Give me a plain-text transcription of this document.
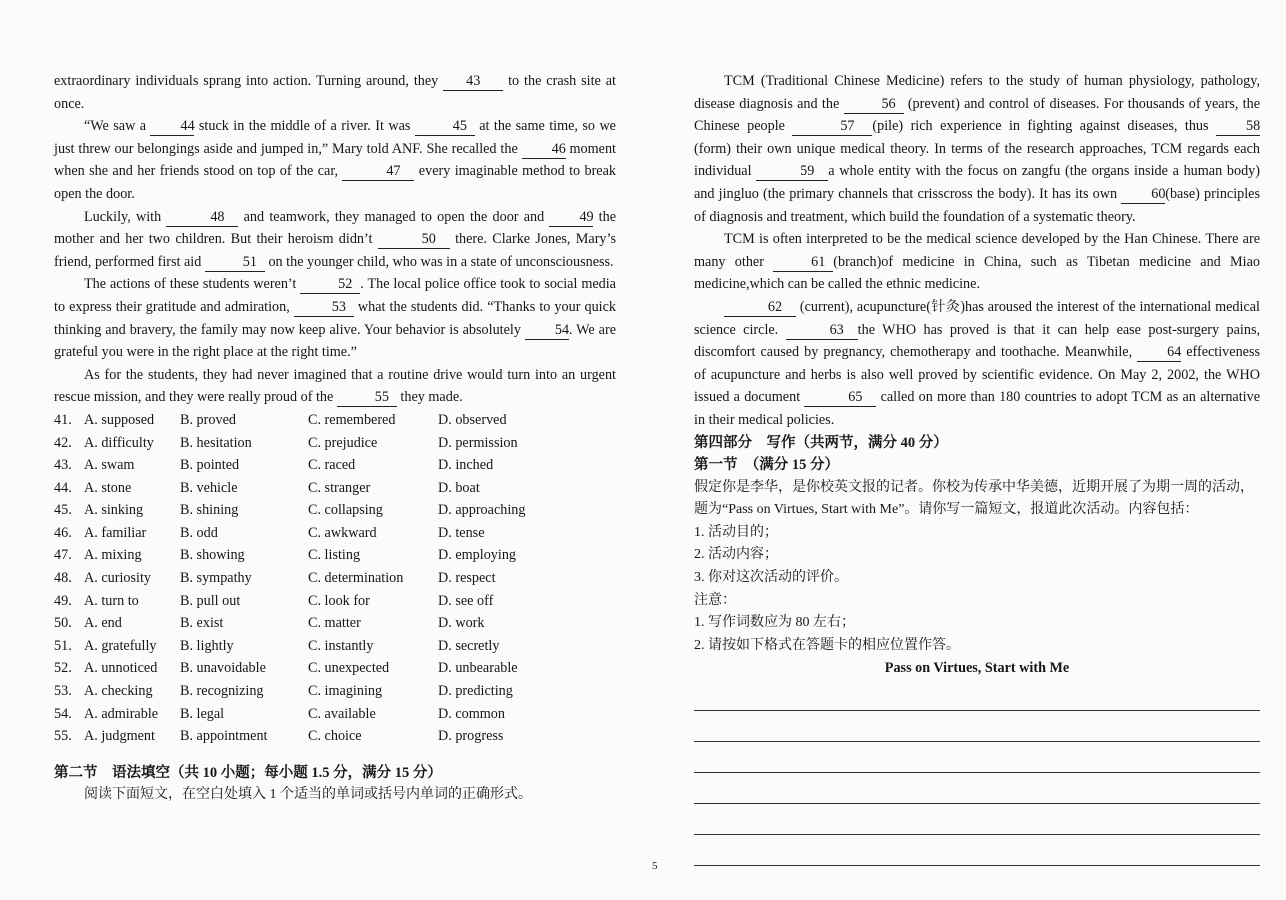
extraordinary individuals sprang into action. Turning around, they 43 to the crash site at once.

“We saw a 44 stuck in the middle of a river. It was	45 at the same time, so we just threw our belongings aside and jumped in,” Mary told ANF. She recalled the 46 moment when she and her friends stood on top of the car,	47 every imaginable method to break open the door.

Luckily, with	48 and teamwork, they managed to open the door and 49 the mother and her two children. But their heroism didn’t	50 there. Clarke Jones, Mary’s friend, performed first aid	51 on the younger child, who was in a state of unconsciousness.

The actions of these students weren’t	52 . The local police office took to social media to express their gratitude and admiration,	53 what the students did. “Thanks to your quick thinking and bravery, the family may now keep alive. Your behavior is absolutely 54. We are grateful you were in the right place at the right time.”

As for the students, they had never imagined that a routine drive would turn into an urgent rescue mission, and they were really proud of the	55 they made.

41. A. supposed	B. proved	C. remembered	D. observed
42. A. difficulty	B. hesitation	C. prejudice	D. permission
43. A. swam	B. pointed	C. raced	D. inched
44. A. stone	B. vehicle	C. stranger	D. boat
45. A. sinking	B. shining	C. collapsing	D. approaching
46. A. familiar	B. odd	C. awkward	D. tense
47. A. mixing	B. showing	C. listing	D. employing
48. A. curiosity	B. sympathy	C. determination	D. respect
49. A. turn to	B. pull out	C. look for	D. see off
50. A. end	B. exist	C. matter	D. work
51. A. gratefully	B. lightly	C. instantly	D. secretly
52. A. unnoticed	B. unavoidable	C. unexpected	D. unbearable
53. A. checking	B. recognizing	C. imagining	D. predicting
54. A. admirable	B. legal	C. available	D. common
55. A. judgment	B. appointment	C. choice	D. progress

第二节　语法填空（共 10 小题；每小题 1.5 分，满分 15 分）

阅读下面短文，在空白处填入 1 个适当的单词或括号内单词的正确形式。

TCM (Traditional Chinese Medicine) refers to the study of human physiology, pathology, disease diagnosis and the	56 (prevent) and control of diseases. For thousands of years, the Chinese people	57 (pile) rich experience in fighting against diseases, thus 58 (form) their own unique medical theory. In terms of the research approaches, TCM regards each individual	59 a whole entity with the focus on zangfu (the organs inside a human body) and jingluo (the primary channels that crisscross the body). It has its own 60(base) principles of diagnosis and treatment, which build the foundation of a systematic theory.

TCM is often interpreted to be the medical science developed by the Han Chinese. There are many other	61 (branch)of medicine in China, such as Tibetan medicine and Miao medicine,which can be called the ethnic medicine.

62 (current), acupuncture(针灸)has aroused the interest of the international medical science circle.	63 the WHO has proved is that it can help ease post-surgery pains, discomfort caused by pregnancy, chemotherapy and toothache. Meanwhile, 64 effectiveness of acupuncture and herbs is also well proved by scientific evidence. On May 2, 2002, the WHO issued a document	65 called on more than 180 countries to adopt TCM as an alternative in their medical policies.

第四部分　写作（共两节，满分 40 分）

第一节　（满分 15 分）

假定你是李华，是你校英文报的记者。你校为传承中华美德，近期开展了为期一周的活动，题为“Pass on Virtues, Start with Me”。请你写一篇短文，报道此次活动。内容包括：

1. 活动目的；

2. 活动内容；

3. 你对这次活动的评价。

注意：

1. 写作词数应为 80 左右；

2. 请按如下格式在答题卡的相应位置作答。

Pass on Virtues, Start with Me

5
